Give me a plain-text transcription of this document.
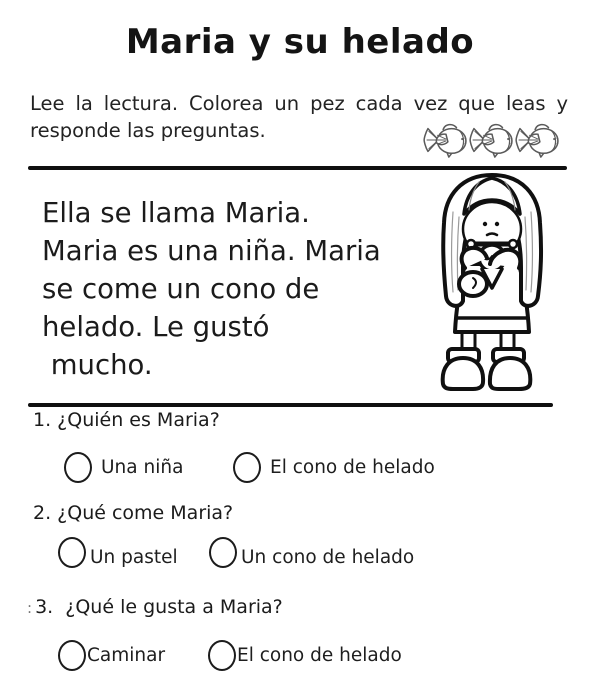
Maria y su helado
Lee la lectura. Colorea un pez cada vez que leas y
responde las preguntas.
Ella se llama Maria.
Maria es una niña. Maria
se come un cono de
helado. Le gustó
mucho.
1. ¿Quién es Maria?
Una niña	El cono de helado
2. ¿Qué come Maria?
Un pastel	Un cono de helado
: 3.  ¿Qué le gusta a Maria?
Caminar	El cono de helado
